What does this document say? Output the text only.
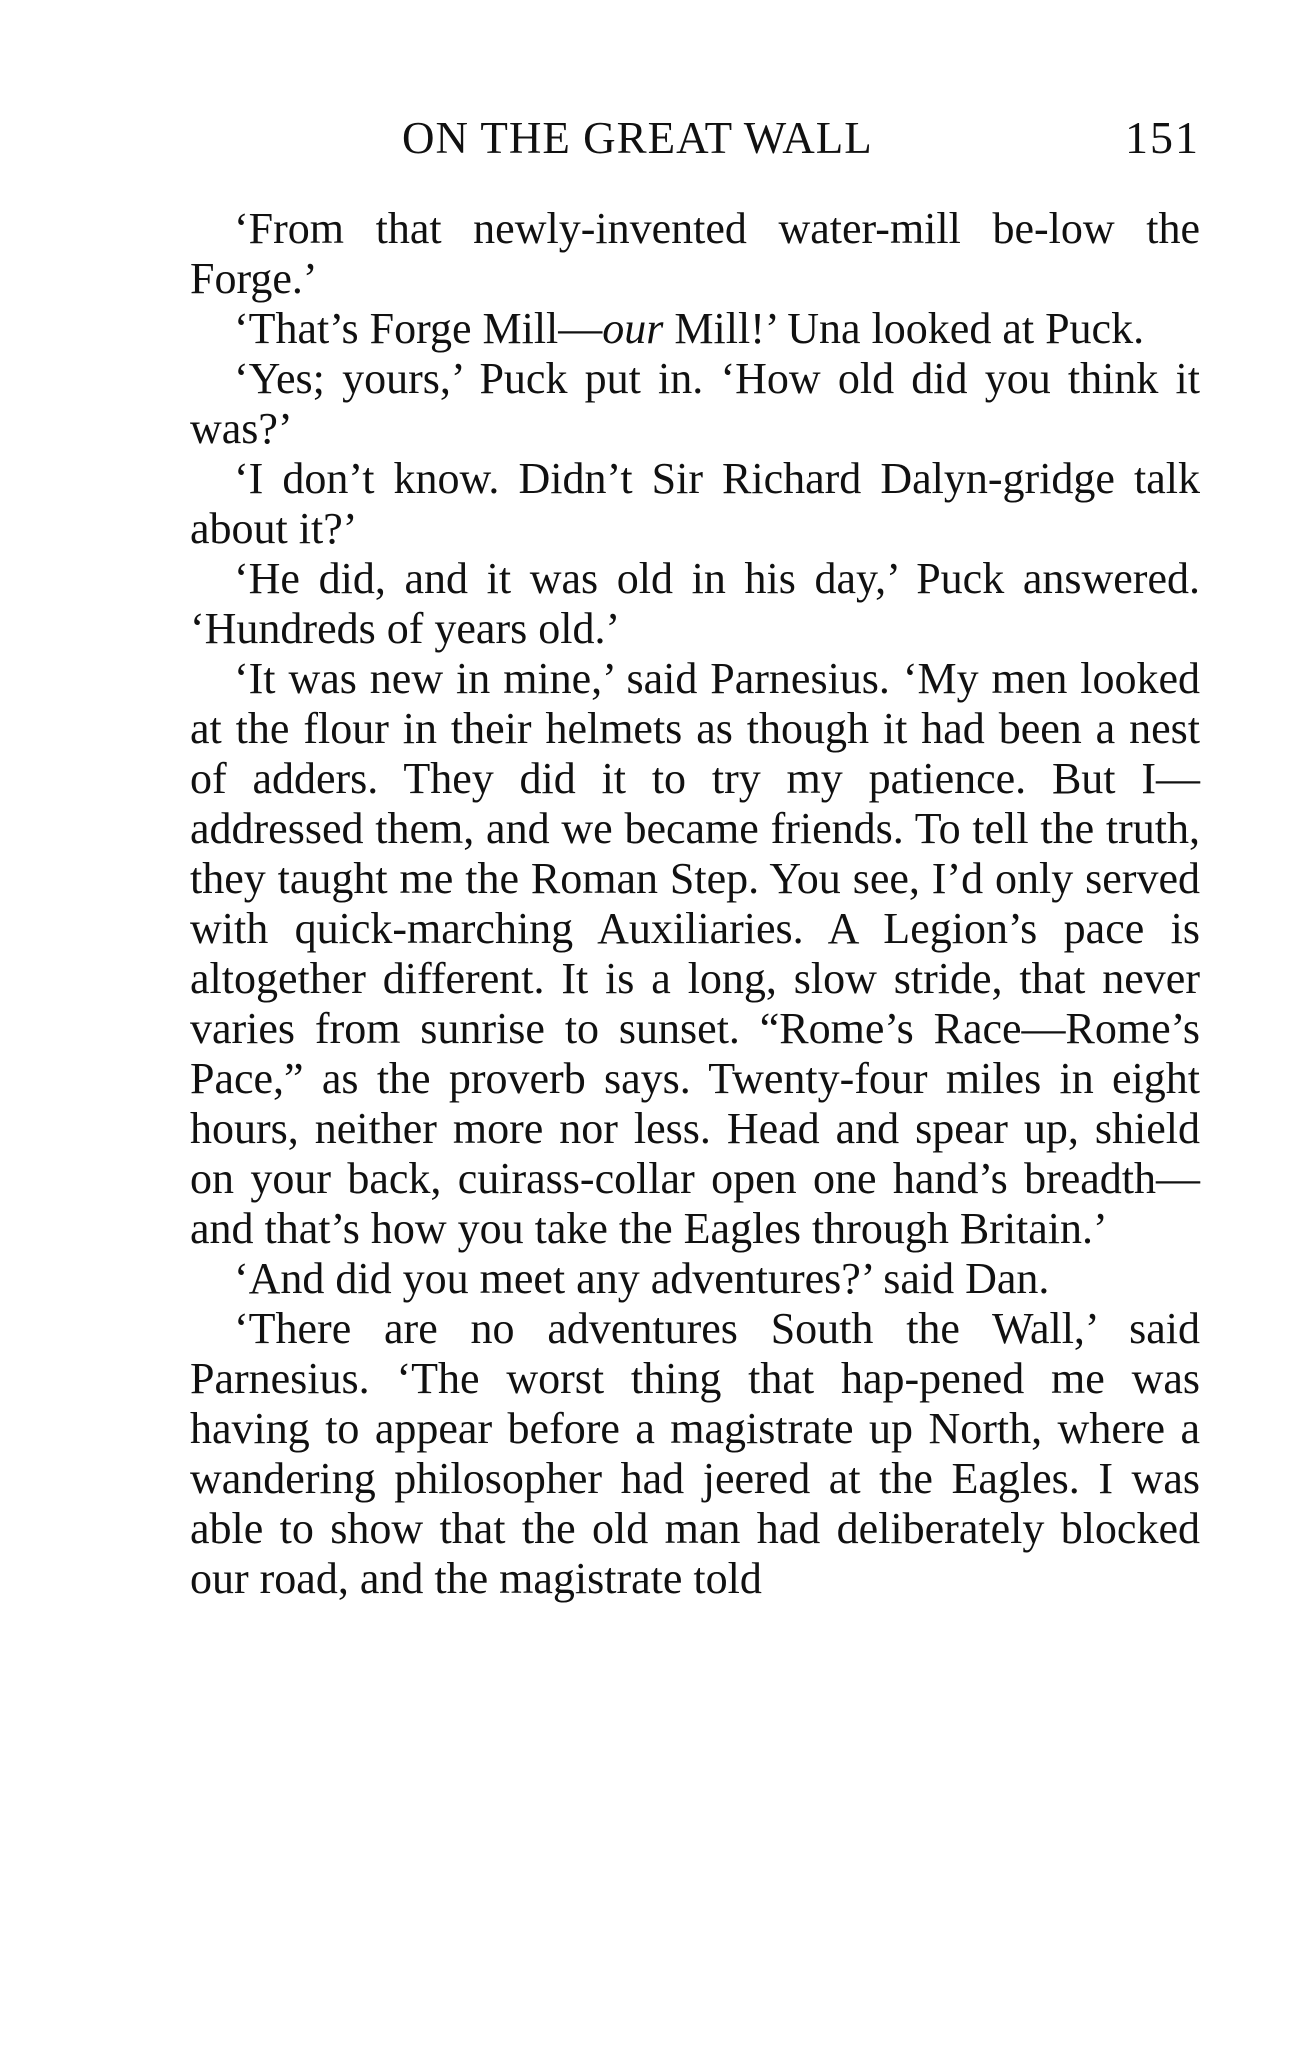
ON THE GREAT WALL	151

‘From that newly-invented water-mill be-low the Forge.’

‘That’s Forge Mill—our Mill!’ Una looked at Puck.

‘Yes; yours,’ Puck put in. ‘How old did you think it was?’

‘I don’t know. Didn’t Sir Richard Dalyn-gridge talk about it?’

‘He did, and it was old in his day,’ Puck answered. ‘Hundreds of years old.’

‘It was new in mine,’ said Parnesius. ‘My men looked at the flour in their helmets as though it had been a nest of adders. They did it to try my patience. But I—addressed them, and we became friends. To tell the truth, they taught me the Roman Step. You see, I’d only served with quick-marching Auxiliaries. A Legion’s pace is altogether different. It is a long, slow stride, that never varies from sunrise to sunset. “Rome’s Race—Rome’s Pace,” as the proverb says. Twenty-four miles in eight hours, neither more nor less. Head and spear up, shield on your back, cuirass-collar open one hand’s breadth—and that’s how you take the Eagles through Britain.’

‘And did you meet any adventures?’ said Dan.

‘There are no adventures South the Wall,’ said Parnesius. ‘The worst thing that hap-pened me was having to appear before a magistrate up North, where a wandering philosopher had jeered at the Eagles. I was able to show that the old man had deliberately blocked our road, and the magistrate told
